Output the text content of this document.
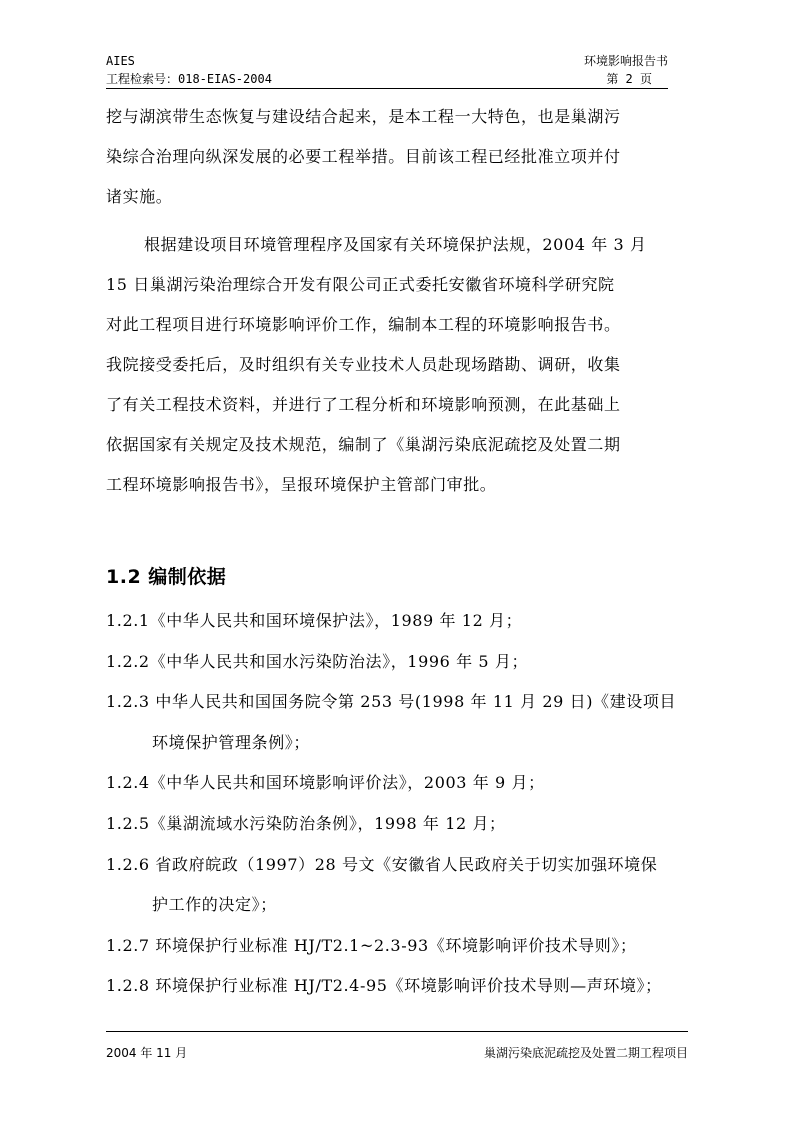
AIES
工程检索号：018-EIAS-2004
环境影响报告书
第 2 页

挖与湖滨带生态恢复与建设结合起来，是本工程一大特色，也是巢湖污

染综合治理向纵深发展的必要工程举措。目前该工程已经批准立项并付

诸实施。

根据建设项目环境管理程序及国家有关环境保护法规，2004 年 3 月

15 日巢湖污染治理综合开发有限公司正式委托安徽省环境科学研究院

对此工程项目进行环境影响评价工作，编制本工程的环境影响报告书。

我院接受委托后，及时组织有关专业技术人员赴现场踏勘、调研，收集

了有关工程技术资料，并进行了工程分析和环境影响预测，在此基础上

依据国家有关规定及技术规范，编制了《巢湖污染底泥疏挖及处置二期

工程环境影响报告书》，呈报环境保护主管部门审批。

1.2 编制依据

1.2.1《中华人民共和国环境保护法》，1989 年 12 月；

1.2.2《中华人民共和国水污染防治法》，1996 年 5 月；

1.2.3 中华人民共和国国务院令第 253 号(1998 年 11 月 29 日)《建设项目

环境保护管理条例》；

1.2.4《中华人民共和国环境影响评价法》，2003 年 9 月；

1.2.5《巢湖流域水污染防治条例》，1998 年 12 月；

1.2.6 省政府皖政（1997）28 号文《安徽省人民政府关于切实加强环境保

护工作的决定》；

1.2.7 环境保护行业标准 HJ/T2.1~2.3-93《环境影响评价技术导则》；

1.2.8 环境保护行业标准 HJ/T2.4-95《环境影响评价技术导则—声环境》；

2004 年 11 月	巢湖污染底泥疏挖及处置二期工程项目
